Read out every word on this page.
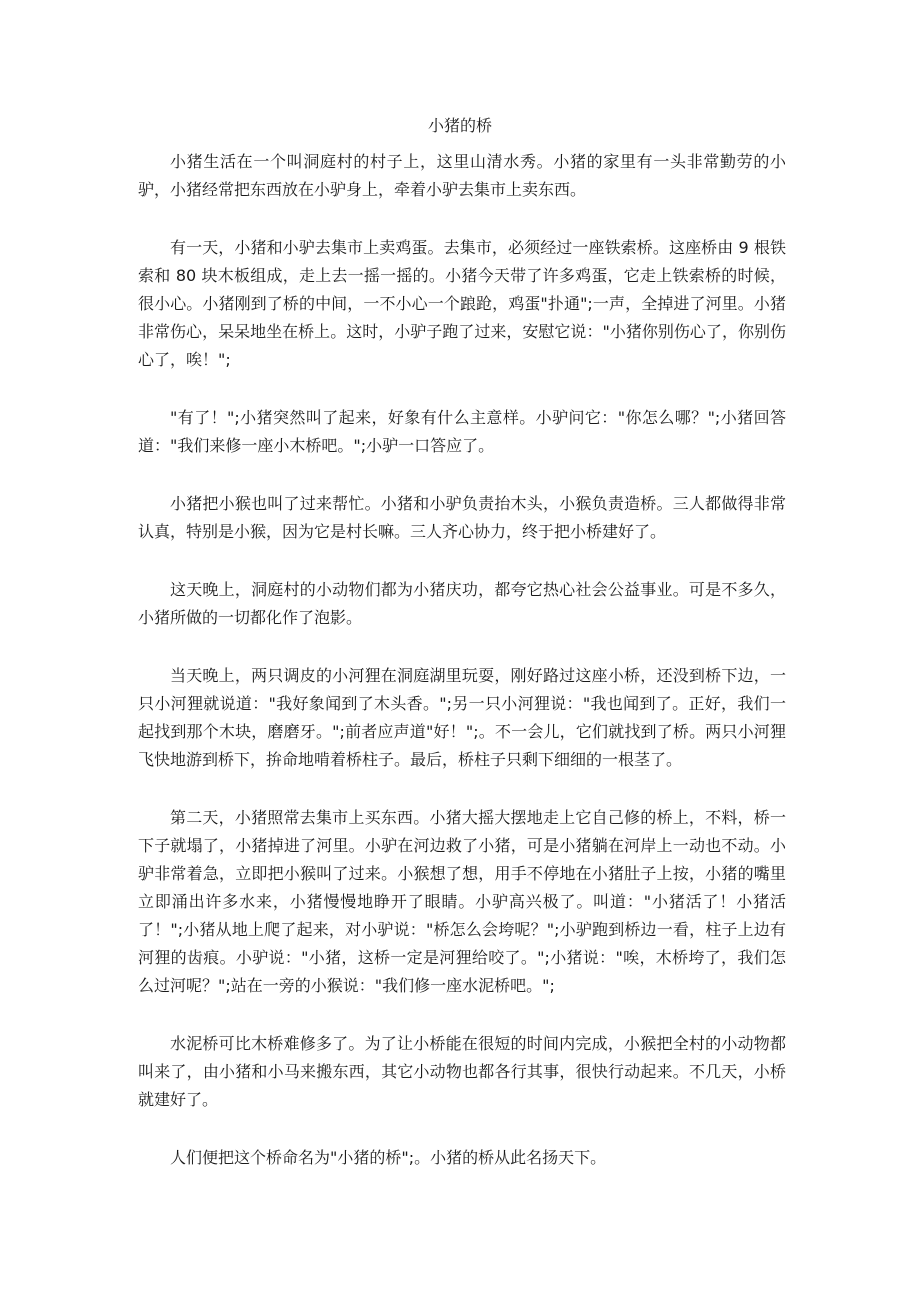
小猪的桥

小猪生活在一个叫洞庭村的村子上，这里山清水秀。小猪的家里有一头非常勤劳的小驴，小猪经常把东西放在小驴身上，牵着小驴去集市上卖东西。

有一天，小猪和小驴去集市上卖鸡蛋。去集市，必须经过一座铁索桥。这座桥由 9 根铁索和 80 块木板组成，走上去一摇一摇的。小猪今天带了许多鸡蛋，它走上铁索桥的时候，很小心。小猪刚到了桥的中间，一不小心一个踉跄，鸡蛋"扑通";一声，全掉进了河里。小猪非常伤心，呆呆地坐在桥上。这时，小驴子跑了过来，安慰它说："小猪你别伤心了，你别伤心了，唉！";

"有了！";小猪突然叫了起来，好象有什么主意样。小驴问它："你怎么哪？";小猪回答道："我们来修一座小木桥吧。";小驴一口答应了。

小猪把小猴也叫了过来帮忙。小猪和小驴负责抬木头，小猴负责造桥。三人都做得非常认真，特别是小猴，因为它是村长嘛。三人齐心协力，终于把小桥建好了。

这天晚上，洞庭村的小动物们都为小猪庆功，都夸它热心社会公益事业。可是不多久，小猪所做的一切都化作了泡影。

当天晚上，两只调皮的小河狸在洞庭湖里玩耍，刚好路过这座小桥，还没到桥下边，一只小河狸就说道："我好象闻到了木头香。";另一只小河狸说："我也闻到了。正好，我们一起找到那个木块，磨磨牙。";前者应声道"好！";。不一会儿，它们就找到了桥。两只小河狸飞快地游到桥下，拚命地啃着桥柱子。最后，桥柱子只剩下细细的一根茎了。

第二天，小猪照常去集市上买东西。小猪大摇大摆地走上它自己修的桥上，不料，桥一下子就塌了，小猪掉进了河里。小驴在河边救了小猪，可是小猪躺在河岸上一动也不动。小驴非常着急，立即把小猴叫了过来。小猴想了想，用手不停地在小猪肚子上按，小猪的嘴里立即涌出许多水来，小猪慢慢地睁开了眼睛。小驴高兴极了。叫道："小猪活了！小猪活了！";小猪从地上爬了起来，对小驴说："桥怎么会垮呢？";小驴跑到桥边一看，柱子上边有河狸的齿痕。小驴说："小猪，这桥一定是河狸给咬了。";小猪说："唉，木桥垮了，我们怎么过河呢？";站在一旁的小猴说："我们修一座水泥桥吧。";

水泥桥可比木桥难修多了。为了让小桥能在很短的时间内完成，小猴把全村的小动物都叫来了，由小猪和小马来搬东西，其它小动物也都各行其事，很快行动起来。不几天，小桥就建好了。

人们便把这个桥命名为"小猪的桥";。小猪的桥从此名扬天下。
